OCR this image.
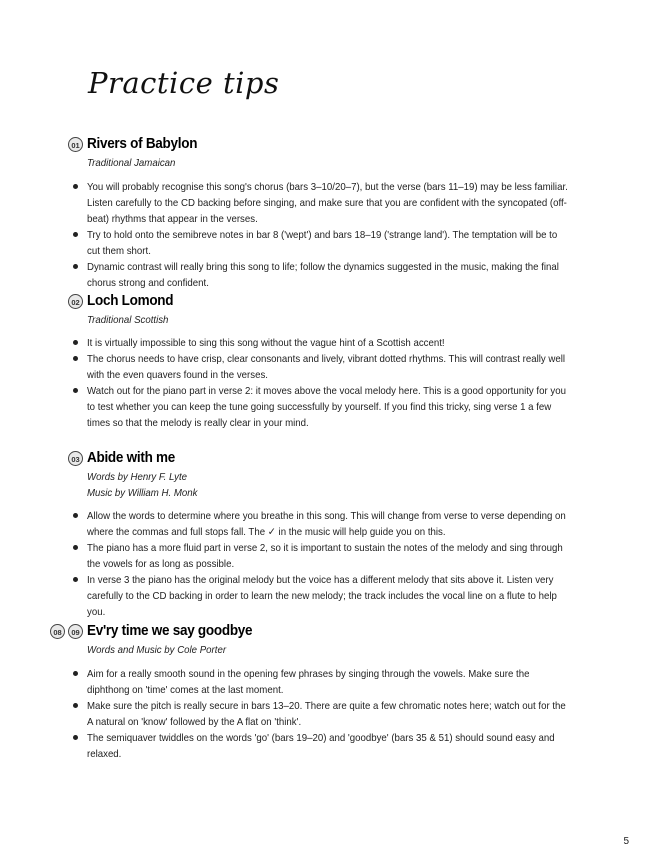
Practice tips
01 Rivers of Babylon
Traditional Jamaican
You will probably recognise this song's chorus (bars 3–10/20–7), but the verse (bars 11–19) may be less familiar. Listen carefully to the CD backing before singing, and make sure that you are confident with the syncopated (off-beat) rhythms that appear in the verses.
Try to hold onto the semibreve notes in bar 8 ('wept') and bars 18–19 ('strange land'). The temptation will be to cut them short.
Dynamic contrast will really bring this song to life; follow the dynamics suggested in the music, making the final chorus strong and confident.
02 Loch Lomond
Traditional Scottish
It is virtually impossible to sing this song without the vague hint of a Scottish accent!
The chorus needs to have crisp, clear consonants and lively, vibrant dotted rhythms. This will contrast really well with the even quavers found in the verses.
Watch out for the piano part in verse 2: it moves above the vocal melody here. This is a good opportunity for you to test whether you can keep the tune going successfully by yourself. If you find this tricky, sing verse 1 a few times so that the melody is really clear in your mind.
03 Abide with me
Words by Henry F. Lyte
Music by William H. Monk
Allow the words to determine where you breathe in this song. This will change from verse to verse depending on where the commas and full stops fall. The ✓ in the music will help guide you on this.
The piano has a more fluid part in verse 2, so it is important to sustain the notes of the melody and sing through the vowels for as long as possible.
In verse 3 the piano has the original melody but the voice has a different melody that sits above it. Listen very carefully to the CD backing in order to learn the new melody; the track includes the vocal line on a flute to help you.
08	09 Ev'ry time we say goodbye
Words and Music by Cole Porter
Aim for a really smooth sound in the opening few phrases by singing through the vowels. Make sure the diphthong on 'time' comes at the last moment.
Make sure the pitch is really secure in bars 13–20. There are quite a few chromatic notes here; watch out for the A natural on 'know' followed by the A flat on 'think'.
The semiquaver twiddles on the words 'go' (bars 19–20) and 'goodbye' (bars 35 & 51) should sound easy and relaxed.

5
